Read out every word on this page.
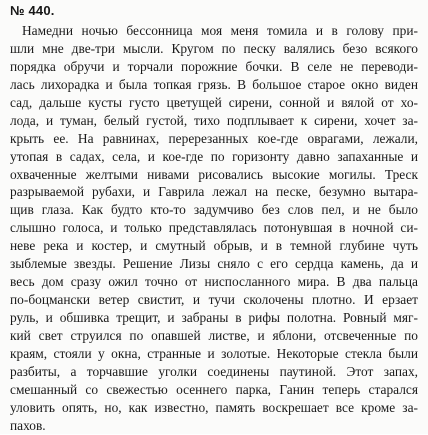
№ 440.
Намедни ночью бессонница моя меня томила и в голову при-
шли мне две-три мысли. Кругом по песку валялись безо всякого
порядка обручи и торчали порожние бочки. В селе не переводи-
лась лихорадка и была топкая грязь. В большое старое окно виден
сад, дальше кусты густо цветущей сирени, сонной и вялой от хо-
лода, и туман, белый густой, тихо подплывает к сирени, хочет за-
крыть ее. На равнинах, перерезанных кое-где оврагами, лежали,
утопая в садах, села, и кое-где по горизонту давно запаханные и
охваченные желтыми нивами рисовались высокие могилы. Треск
разрываемой рубахи, и Гаврила лежал на песке, безумно вытара-
щив глаза. Как будто кто-то задумчиво без слов пел, и не было
слышно голоса, и только представлялась потонувшая в ночной си-
неве река и костер, и смутный обрыв, и в темной глубине чуть
зыблемые звезды. Решение Лизы сняло с его сердца камень, да и
весь дом сразу ожил точно от ниспосланного мира. В два пальца
по-боцмански ветер свистит, и тучи сколочены плотно. И ерзает
руль, и обшивка трещит, и забраны в рифы полотна. Ровный мяг-
кий свет струился по опавшей листве, и яблони, отсвеченные по
краям, стояли у окна, странные и золотые. Некоторые стекла были
разбиты, а торчавшие уголки соединены паутиной. Этот запах,
смешанный со свежестью осеннего парка, Ганин теперь старался
уловить опять, но, как известно, память воскрешает все кроме за-
пахов.
